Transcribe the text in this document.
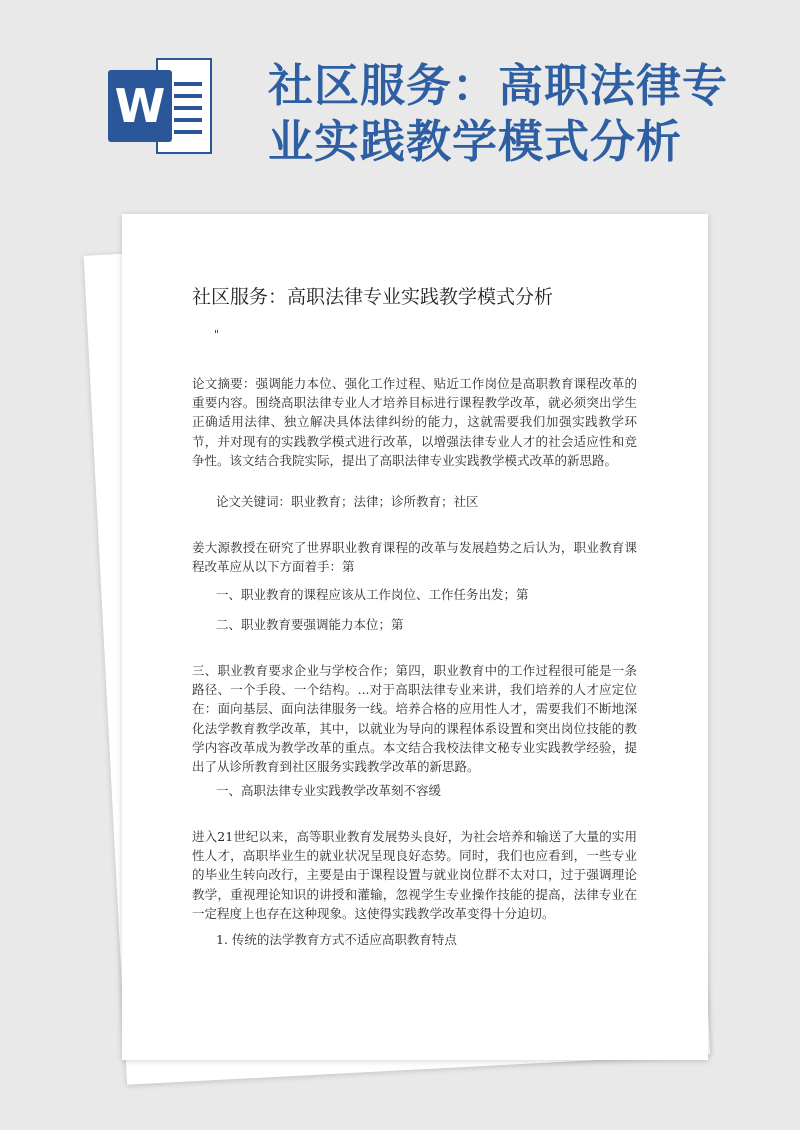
W 社区服务：高职法律专业实践教学模式分析
社区服务：高职法律专业实践教学模式分析
"
论文摘要：强调能力本位、强化工作过程、贴近工作岗位是高职教育课程改革的重要内容。围绕高职法律专业人才培养目标进行课程教学改革，就必须突出学生正确适用法律、独立解决具体法律纠纷的能力，这就需要我们加强实践教学环节，并对现有的实践教学模式进行改革，以增强法律专业人才的社会适应性和竞争性。该文结合我院实际，提出了高职法律专业实践教学模式改革的新思路。
论文关键词：职业教育；法律；诊所教育；社区
姜大源教授在研究了世界职业教育课程的改革与发展趋势之后认为，职业教育课程改革应从以下方面着手：第
一、职业教育的课程应该从工作岗位、工作任务出发；第
二、职业教育要强调能力本位；第
三、职业教育要求企业与学校合作；第四，职业教育中的工作过程很可能是一条路径、一个手段、一个结构。...对于高职法律专业来讲，我们培养的人才应定位在：面向基层、面向法律服务一线。培养合格的应用性人才，需要我们不断地深化法学教育教学改革，其中，以就业为导向的课程体系设置和突出岗位技能的教学内容改革成为教学改革的重点。本文结合我校法律文秘专业实践教学经验，提出了从诊所教育到社区服务实践教学改革的新思路。
一、高职法律专业实践教学改革刻不容缓
进入21世纪以来，高等职业教育发展势头良好，为社会培养和输送了大量的实用性人才，高职毕业生的就业状况呈现良好态势。同时，我们也应看到，一些专业的毕业生转向改行，主要是由于课程设置与就业岗位群不太对口，过于强调理论教学，重视理论知识的讲授和灌输，忽视学生专业操作技能的提高，法律专业在一定程度上也存在这种现象。这使得实践教学改革变得十分迫切。
1. 传统的法学教育方式不适应高职教育特点
